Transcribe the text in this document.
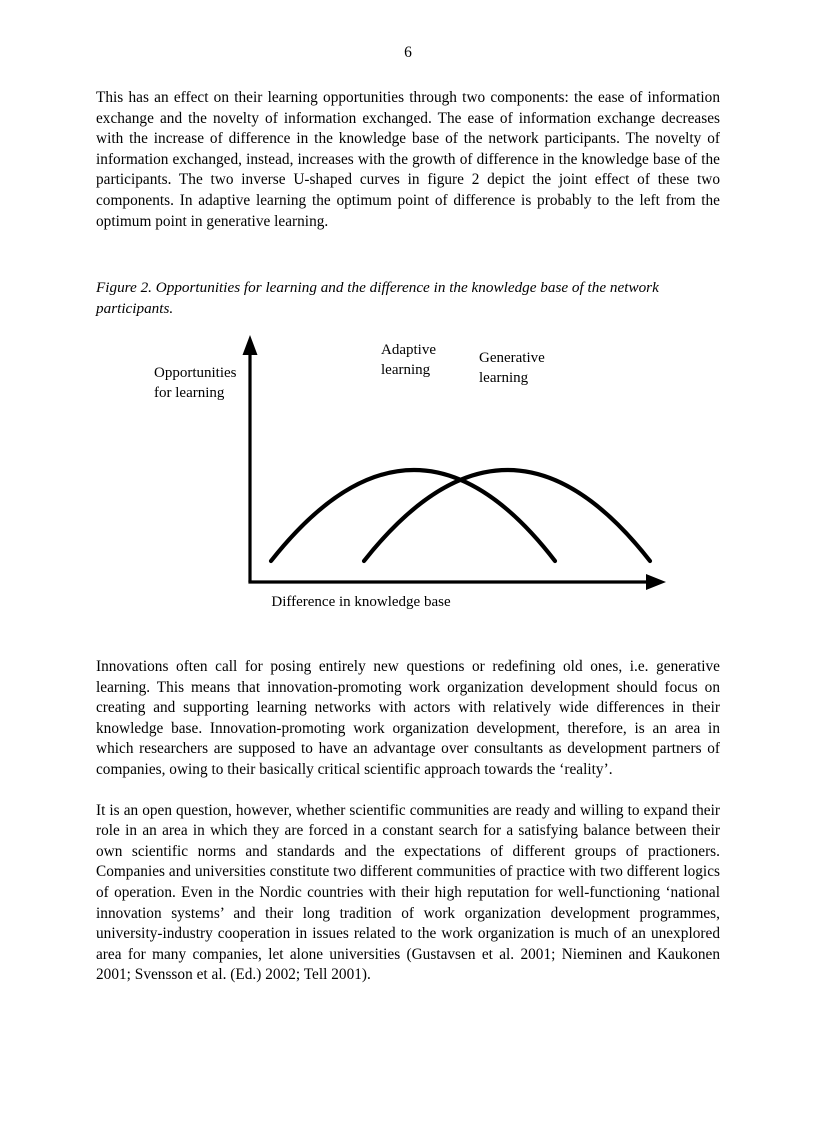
6

This has an effect on their learning opportunities through two components: the ease of information exchange and the novelty of information exchanged. The ease of information exchange decreases with the increase of difference in the knowledge base of the network participants. The novelty of information exchanged, instead, increases with the growth of difference in the knowledge base of the participants. The two inverse U-shaped curves in figure 2 depict the joint effect of these two components. In adaptive learning the optimum point of difference is probably to the left from the optimum point in generative learning.

Figure 2. Opportunities for learning and the difference in the knowledge base of the network participants.

Opportunities
for learning
Adaptive
learning
Generative
learning
Difference in knowledge base

Innovations often call for posing entirely new questions or redefining old ones, i.e. generative learning. This means that innovation-promoting work organization development should focus on creating and supporting learning networks with actors with relatively wide differences in their knowledge base. Innovation-promoting work organization development, therefore, is an area in which researchers are supposed to have an advantage over consultants as development partners of companies, owing to their basically critical scientific approach towards the ‘reality’.

It is an open question, however, whether scientific communities are ready and willing to expand their role in an area in which they are forced in a constant search for a satisfying balance between their own scientific norms and standards and the expectations of different groups of practioners. Companies and universities constitute two different communities of practice with two different logics of operation. Even in the Nordic countries with their high reputation for well-functioning ‘national innovation systems’ and their long tradition of work organization development programmes, university-industry cooperation in issues related to the work organization is much of an unexplored area for many companies, let alone universities (Gustavsen et al. 2001; Nieminen and Kaukonen 2001; Svensson et al. (Ed.) 2002; Tell 2001).
